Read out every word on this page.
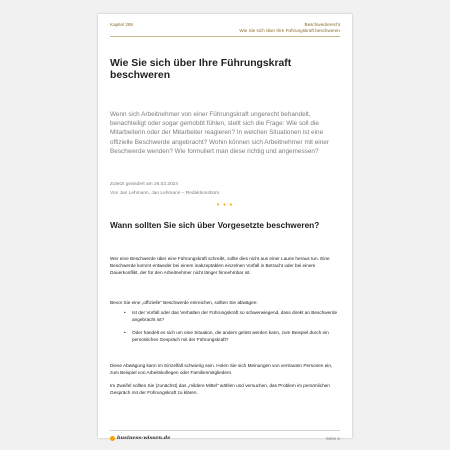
Kapitel 265	Beschwerderecht
Wie Sie sich über Ihre Führungskraft beschweren
Wie Sie sich über Ihre Führungskraft beschweren

Wenn sich Arbeitnehmer von einer Führungskraft ungerecht behandelt, benachteiligt oder sogar gemobbt fühlen, stellt sich die Frage: Wie soll die Mitarbeiterin oder der Mitarbeiter reagieren? In welchen Situationen ist eine offizielle Beschwerde angebracht? Wohin können sich Arbeitnehmer mit einer Beschwerde wenden? Wie formuliert man diese richtig und angemessen?

Zuletzt geändert am 26.03.2024
Von Jan Lehmann, Jan Lehmann – Redaktionsbüro
• • •
Wann sollten Sie sich über Vorgesetzte beschweren?

Wer eine Beschwerde über eine Führungskraft schreibt, sollte dies nicht aus einer Laune heraus tun. Eine Beschwerde kommt entweder bei einem inakzeptablen einzelnen Vorfall in Betracht oder bei einem Dauerkonflikt, der für den Arbeitnehmer nicht länger hinnehmbar ist.

Bevor Sie eine „offizielle“ Beschwerde einreichen, sollten Sie abwägen:

• Ist der Vorfall oder das Verhalten der Führungskraft so schwerwiegend, dass direkt an Beschwerde angebracht ist?
• Oder handelt es sich um eine Situation, die anders gelöst werden kann, zum Beispiel durch ein persönliches Gespräch mit der Führungskraft?

Diese Abwägung kann im Einzelfall schwierig sein. Holen Sie sich Meinungen von vertrauten Personen ein, zum Beispiel von Arbeitskollegen oder Familienmitgliedern.

Im Zweifel sollten Sie (zunächst) das „mildere Mittel“ wählen und versuchen, das Problem im persönlichen Gespräch mit der Führungskraft zu klären.

business-wissen.de	Seite 2
